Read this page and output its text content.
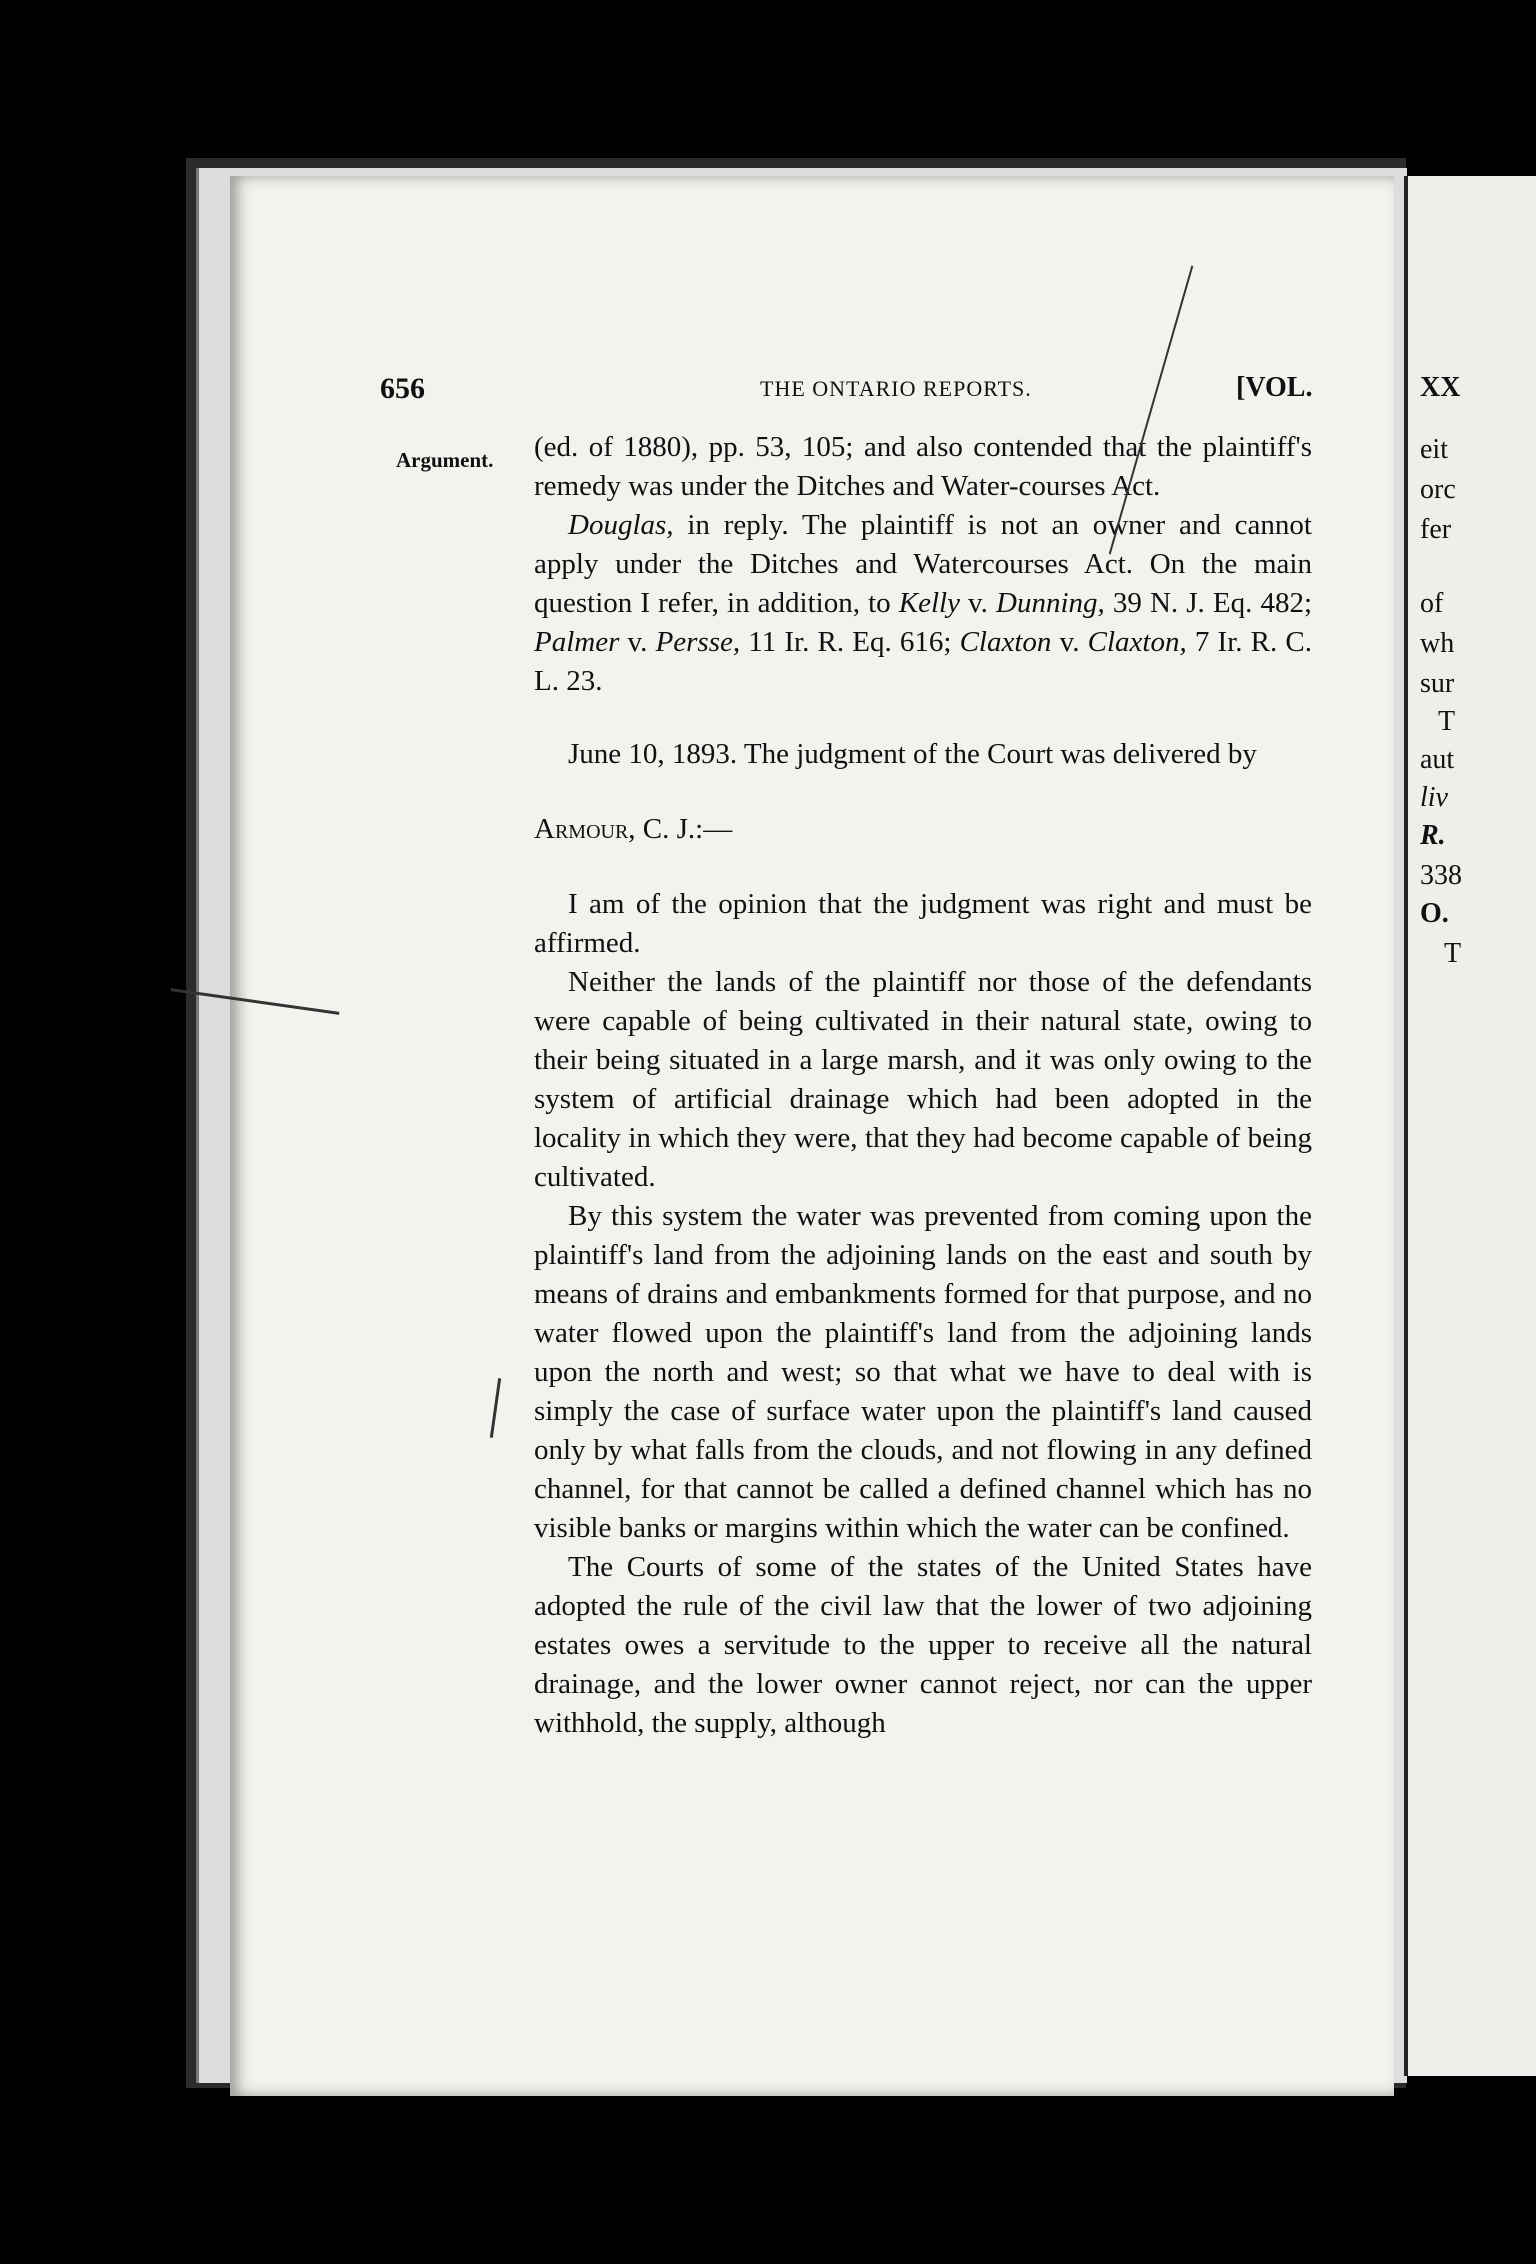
XX
eit
orc
fer
of
wh
sur
T
aut
liv
R.
338
O.
T
656	THE ONTARIO REPORTS.	[VOL.
Argument. (ed. of 1880), pp. 53, 105; and also contended that the plaintiff's remedy was under the Ditches and Water-courses Act.

Douglas, in reply. The plaintiff is not an owner and cannot apply under the Ditches and Watercourses Act. On the main question I refer, in addition, to Kelly v. Dunning, 39 N. J. Eq. 482; Palmer v. Persse, 11 Ir. R. Eq. 616; Claxton v. Claxton, 7 Ir. R. C. L. 23.

June 10, 1893. The judgment of the Court was delivered by

Armour, C. J.:—

I am of the opinion that the judgment was right and must be affirmed.

Neither the lands of the plaintiff nor those of the defendants were capable of being cultivated in their natural state, owing to their being situated in a large marsh, and it was only owing to the system of artificial drainage which had been adopted in the locality in which they were, that they had become capable of being cultivated.

By this system the water was prevented from coming upon the plaintiff's land from the adjoining lands on the east and south by means of drains and embankments formed for that purpose, and no water flowed upon the plaintiff's land from the adjoining lands upon the north and west; so that what we have to deal with is simply the case of surface water upon the plaintiff's land caused only by what falls from the clouds, and not flowing in any defined channel, for that cannot be called a defined channel which has no visible banks or margins within which the water can be confined.

The Courts of some of the states of the United States have adopted the rule of the civil law that the lower of two adjoining estates owes a servitude to the upper to receive all the natural drainage, and the lower owner cannot reject, nor can the upper withhold, the supply, although
